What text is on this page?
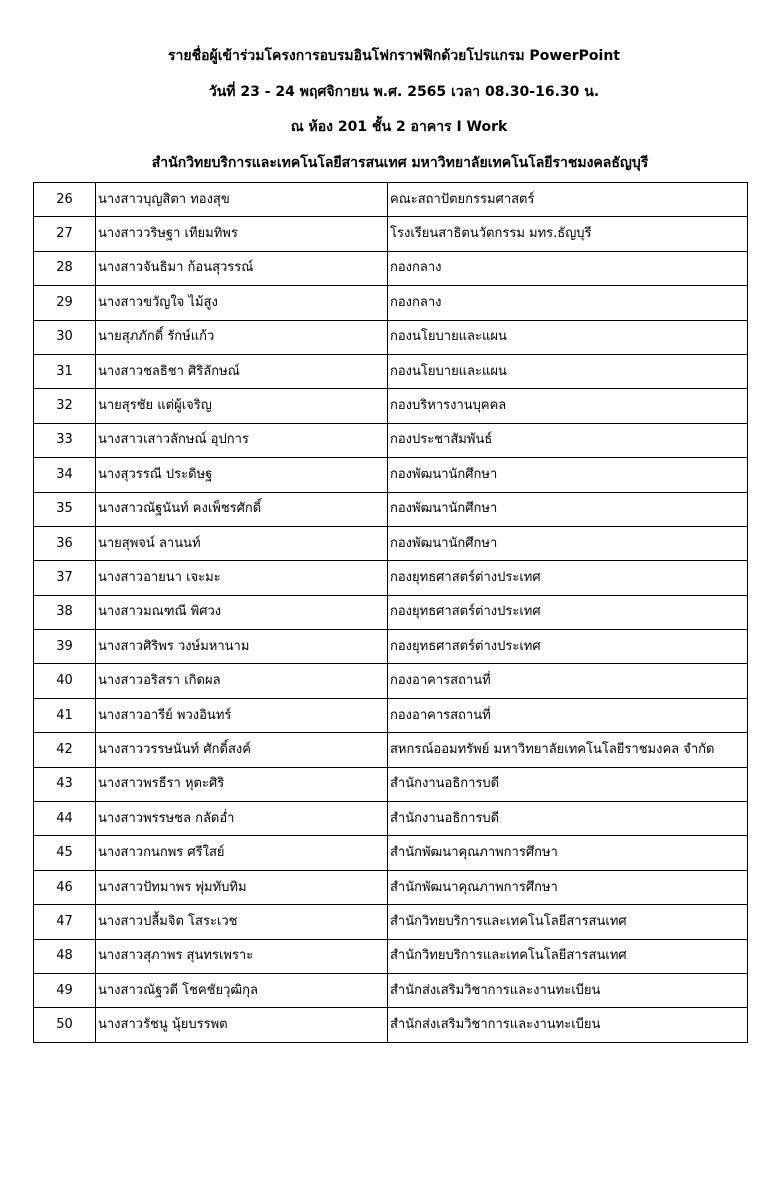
รายชื่อผู้เข้าร่วมโครงการอบรมอินโฟกราฟฟิกด้วยโปรแกรม PowerPoint
วันที่ 23 - 24 พฤศจิกายน พ.ศ. 2565 เวลา 08.30-16.30 น.
ณ ห้อง 201 ชั้น 2 อาคาร I Work
สำนักวิทยบริการและเทคโนโลยีสารสนเทศ มหาวิทยาลัยเทคโนโลยีราชมงคลธัญบุรี
26	นางสาวบุญสิตา ทองสุข	คณะสถาปัตยกรรมศาสตร์
27	นางสาววริษฐา เทียมทิพร	โรงเรียนสาธิตนวัตกรรม มทร.ธัญบุรี
28	นางสาวจันธิมา ก้อนสุวรรณ์	กองกลาง
29	นางสาวขวัญใจ ไม้สูง	กองกลาง
30	นายสุภภักดิ์ รักษ์แก้ว	กองนโยบายและแผน
31	นางสาวชลธิชา ศิริลักษณ์	กองนโยบายและแผน
32	นายสุรชัย แต่ผู้เจริญ	กองบริหารงานบุคคล
33	นางสาวเสาวลักษณ์ อุปการ	กองประชาสัมพันธ์
34	นางสุวรรณี ประดิษฐ	กองพัฒนานักศึกษา
35	นางสาวณัฐนันท์ คงเพ็ชรศักดิ์	กองพัฒนานักศึกษา
36	นายสุพจน์ ลานนท์	กองพัฒนานักศึกษา
37	นางสาวอายนา เจะมะ	กองยุทธศาสตร์ต่างประเทศ
38	นางสาวมณฑณี พิศวง	กองยุทธศาสตร์ต่างประเทศ
39	นางสาวศิริพร วงษ์มหานาม	กองยุทธศาสตร์ต่างประเทศ
40	นางสาวอริสรา เกิดผล	กองอาคารสถานที่
41	นางสาวอารีย์ พวงอินทร์	กองอาคารสถานที่
42	นางสาววรรษนันท์ ศักดิ์สงค์	สหกรณ์ออมทรัพย์ มหาวิทยาลัยเทคโนโลยีราชมงคล จำกัด
43	นางสาวพรธีรา หุตะศิริ	สำนักงานอธิการบดี
44	นางสาวพรรษชล กลัดอ่ำ	สำนักงานอธิการบดี
45	นางสาวกนกพร ศรีใสย์	สำนักพัฒนาคุณภาพการศึกษา
46	นางสาวปัทมาพร พุ่มทับทิม	สำนักพัฒนาคุณภาพการศึกษา
47	นางสาวปลื้มจิต โสระเวช	สำนักวิทยบริการและเทคโนโลยีสารสนเทศ
48	นางสาวสุภาพร สุนทรเพราะ	สำนักวิทยบริการและเทคโนโลยีสารสนเทศ
49	นางสาวณัฐวดี โชคชัยวุฒิกุล	สำนักส่งเสริมวิชาการและงานทะเบียน
50	นางสาวรัชนู นุ้ยบรรพต	สำนักส่งเสริมวิชาการและงานทะเบียน
